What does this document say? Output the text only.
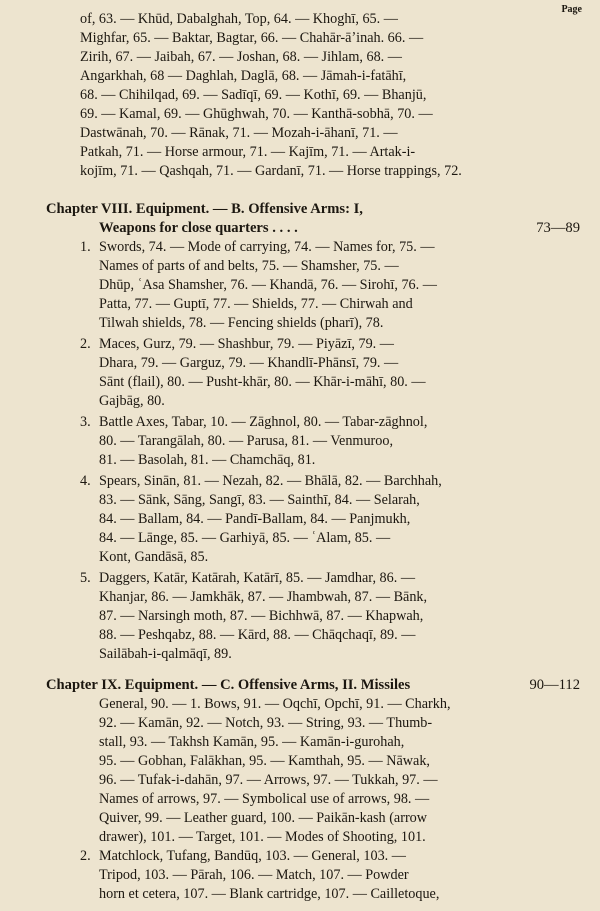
Page
of, 63. — Khūd, Dabalghah, Top, 64. — Khoghī, 65. —
Mighfar, 65. — Baktar, Bagtar, 66. — Chahār-āʼinah. 66. —
Zirih, 67. — Jaibah, 67. — Joshan, 68. — Jihlam, 68. —
Angarkhah, 68 — Daghlah, Daglā, 68. — Jāmah-i-fatāhī,
68. — Chihilqad, 69. — Sadīqī, 69. — Kothī, 69. — Bhanjū,
69. — Kamal, 69. — Ghūghwah, 70. — Kanthā-sobhā, 70. —
Dastwānah, 70. — Rānak, 71. — Mozah-i-āhanī, 71. —
Patkah, 71. — Horse armour, 71. — Kajīm, 71. — Artak-i-
kojīm, 71. — Qashqah, 71. — Gardanī, 71. — Horse trappings, 72.
Chapter VIII. Equipment. — B. Offensive Arms: I,
Weapons for close quarters . . . .	73—89
1. Swords, 74. — Mode of carrying, 74. — Names for, 75. —
Names of parts of and belts, 75. — Shamsher, 75. —
Dhūp, ʿAsa Shamsher, 76. — Khandā, 76. — Sirohī, 76. —
Patta, 77. — Guptī, 77. — Shields, 77. — Chirwah and
Tilwah shields, 78. — Fencing shields (pharī), 78.
2. Maces, Gurz, 79. — Shashbur, 79. — Piyāzī, 79. —
Dhara, 79. — Garguz, 79. — Khandlī-Phānsī, 79. —
Sānt (flail), 80. — Pusht-khār, 80. — Khār-i-māhī, 80. —
Gajbāg, 80.
3. Battle Axes, Tabar, 10. — Zāghnol, 80. — Tabar-zāghnol,
80. — Tarangālah, 80. — Parusa, 81. — Venmuroo,
81. — Basolah, 81. — Chamchāq, 81.
4. Spears, Sinān, 81. — Nezah, 82. — Bhālā, 82. — Barchhah,
83. — Sānk, Sāng, Sangī, 83. — Sainthī, 84. — Selarah,
84. — Ballam, 84. — Pandī-Ballam, 84. — Panjmukh,
84. — Lānge, 85. — Garhiyā, 85. — ʿAlam, 85. —
Kont, Gandāsā, 85.
5. Daggers, Katār, Katārah, Katārī, 85. — Jamdhar, 86. —
Khanjar, 86. — Jamkhāk, 87. — Jhambwah, 87. — Bānk,
87. — Narsingh moth, 87. — Bichhwā, 87. — Khapwah,
88. — Peshqabz, 88. — Kārd, 88. — Chāqchaqī, 89. —
Sailābah-i-qalmāqī, 89.
Chapter IX. Equipment. — C. Offensive Arms, II. Missiles	90—112
General, 90. — 1. Bows, 91. — Oqchī, Opchī, 91. — Charkh,
92. — Kamān, 92. — Notch, 93. — String, 93. — Thumb-
stall, 93. — Takhsh Kamān, 95. — Kamān-i-gurohah,
95. — Gobhan, Falākhan, 95. — Kamthah, 95. — Nāwak,
96. — Tufak-i-dahān, 97. — Arrows, 97. — Tukkah, 97. —
Names of arrows, 97. — Symbolical use of arrows, 98. —
Quiver, 99. — Leather guard, 100. — Paikān-kash (arrow
drawer), 101. — Target, 101. — Modes of Shooting, 101.
2. Matchlock, Tufang, Bandūq, 103. — General, 103. —
Tripod, 103. — Pārah, 106. — Match, 107. — Powder
horn et cetera, 107. — Blank cartridge, 107. — Cailletoque,
